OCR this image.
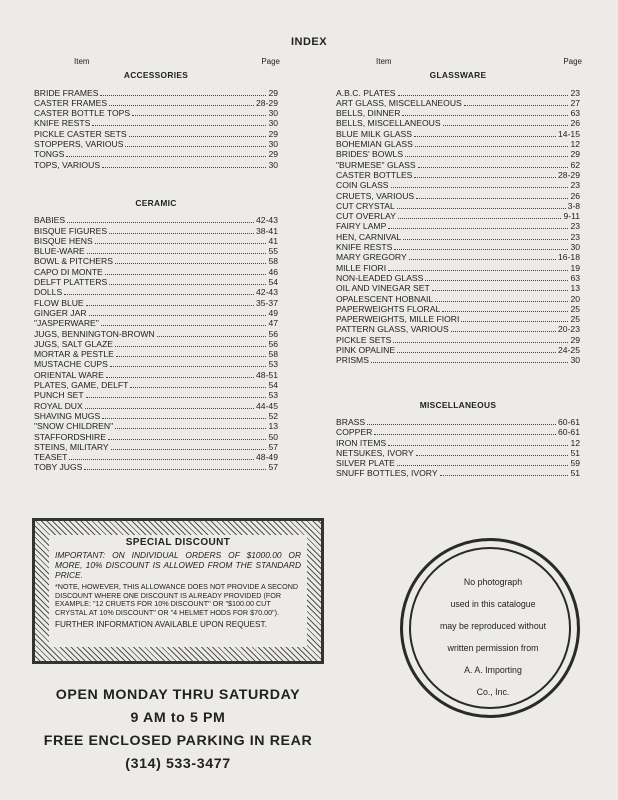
INDEX
Item	Page
ACCESSORIES
BRIDE FRAMES	29
CASTER FRAMES	28-29
CASTER BOTTLE TOPS	30
KNIFE RESTS	30
PICKLE CASTER SETS	29
STOPPERS, VARIOUS	30
TONGS	29
TOPS, VARIOUS	30
CERAMIC
BABIES	42-43
BISQUE FIGURES	38-41
BISQUE HENS	41
BLUE-WARE	55
BOWL & PITCHERS	58
CAPO DI MONTE	46
DELFT PLATTERS	54
DOLLS	42-43
FLOW BLUE	35-37
GINGER JAR	49
"JASPERWARE"	47
JUGS, BENNINGTON-BROWN	56
JUGS, SALT GLAZE	56
MORTAR & PESTLE	58
MUSTACHE CUPS	53
ORIENTAL WARE	48-51
PLATES, GAME, DELFT	54
PUNCH SET	53
ROYAL DUX	44-45
SHAVING MUGS	52
"SNOW CHILDREN"	13
STAFFORDSHIRE	50
STEINS, MILITARY	57
TEASET	48-49
TOBY JUGS	57
Item	Page
GLASSWARE
A.B.C. PLATES	23
ART GLASS, MISCELLANEOUS	27
BELLS, DINNER	63
BELLS, MISCELLANEOUS	26
BLUE MILK GLASS	14-15
BOHEMIAN GLASS	12
BRIDES' BOWLS	29
"BURMESE" GLASS	62
CASTER BOTTLES	28-29
COIN GLASS	23
CRUETS, VARIOUS	26
CUT CRYSTAL	3-8
CUT OVERLAY	9-11
FAIRY LAMP	23
HEN, CARNIVAL	23
KNIFE RESTS	30
MARY GREGORY	16-18
MILLE FIORI	19
NON-LEADED GLASS	63
OIL AND VINEGAR SET	13
OPALESCENT HOBNAIL	20
PAPERWEIGHTS FLORAL	25
PAPERWEIGHTS, MILLE FIORI	25
PATTERN GLASS, VARIOUS	20-23
PICKLE SETS	29
PINK OPALINE	24-25
PRISMS	30
MISCELLANEOUS
BRASS	60-61
COPPER	60-61
IRON ITEMS	12
NETSUKES, IVORY	51
SILVER PLATE	59
SNUFF BOTTLES, IVORY	51
SPECIAL DISCOUNT
IMPORTANT: ON INDIVIDUAL ORDERS OF $1000.00 OR MORE, 10% DISCOUNT IS ALLOWED FROM THE STANDARD PRICE.
*NOTE, HOWEVER, THIS ALLOWANCE DOES NOT PROVIDE A SECOND DISCOUNT WHERE ONE DISCOUNT IS ALREADY PROVIDED (FOR EXAMPLE: "12 CRUETS FOR 10% DISCOUNT" OR "$100.00 CUT CRYSTAL AT 10% DISCOUNT" OR "4 HELMET HODS FOR $70.00").
FURTHER INFORMATION AVAILABLE UPON REQUEST.
OPEN MONDAY THRU SATURDAY
9 AM to 5 PM
FREE ENCLOSED PARKING IN REAR
(314) 533-3477
No photograph
used in this catalogue
may be reproduced without
written permission from
A. A. Importing
Co., Inc.
